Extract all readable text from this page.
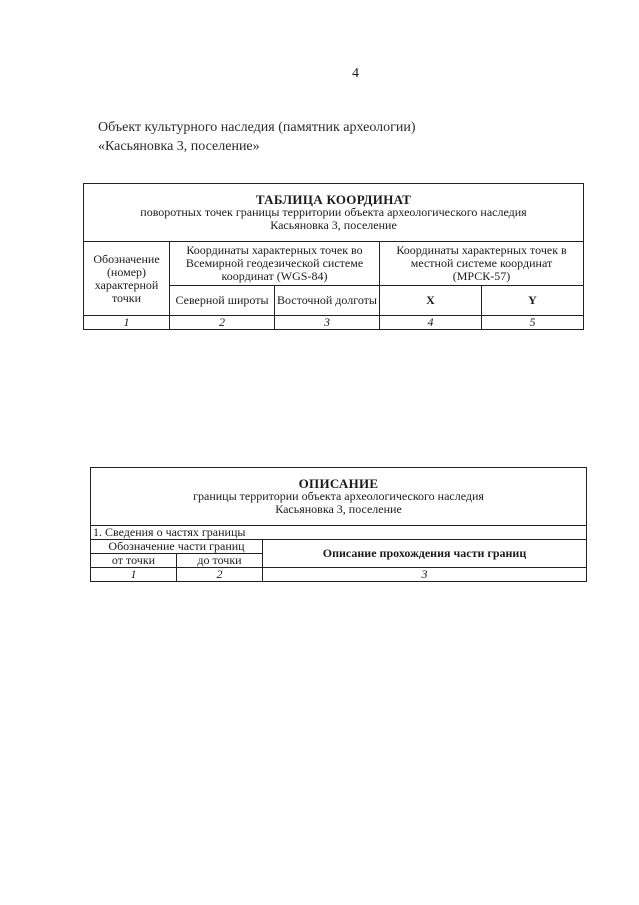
4
Объект культурного наследия (памятник археологии)
«Касьяновка 3, поселение»
ТАБЛИЦА КООРДИНАТ
поворотных точек границы территории объекта археологического наследия
Касьяновка 3, поселение				

Обозначение (номер) характерной точки	Координаты характерных точек во Всемирной геодезической системе координат (WGS-84)		Координаты характерных точек в местной системе координат (МРСК-57)	
	Северной широты	Восточной долготы	X	Y
1	2	3	4	5
ОПИСАНИЕ
границы территории объекта археологического наследия
Касьяновка 3, поселение		

1. Сведения о частях границы		
Обозначение части границ		Описание прохождения части границ
от точки	до точки	
1	2	3
